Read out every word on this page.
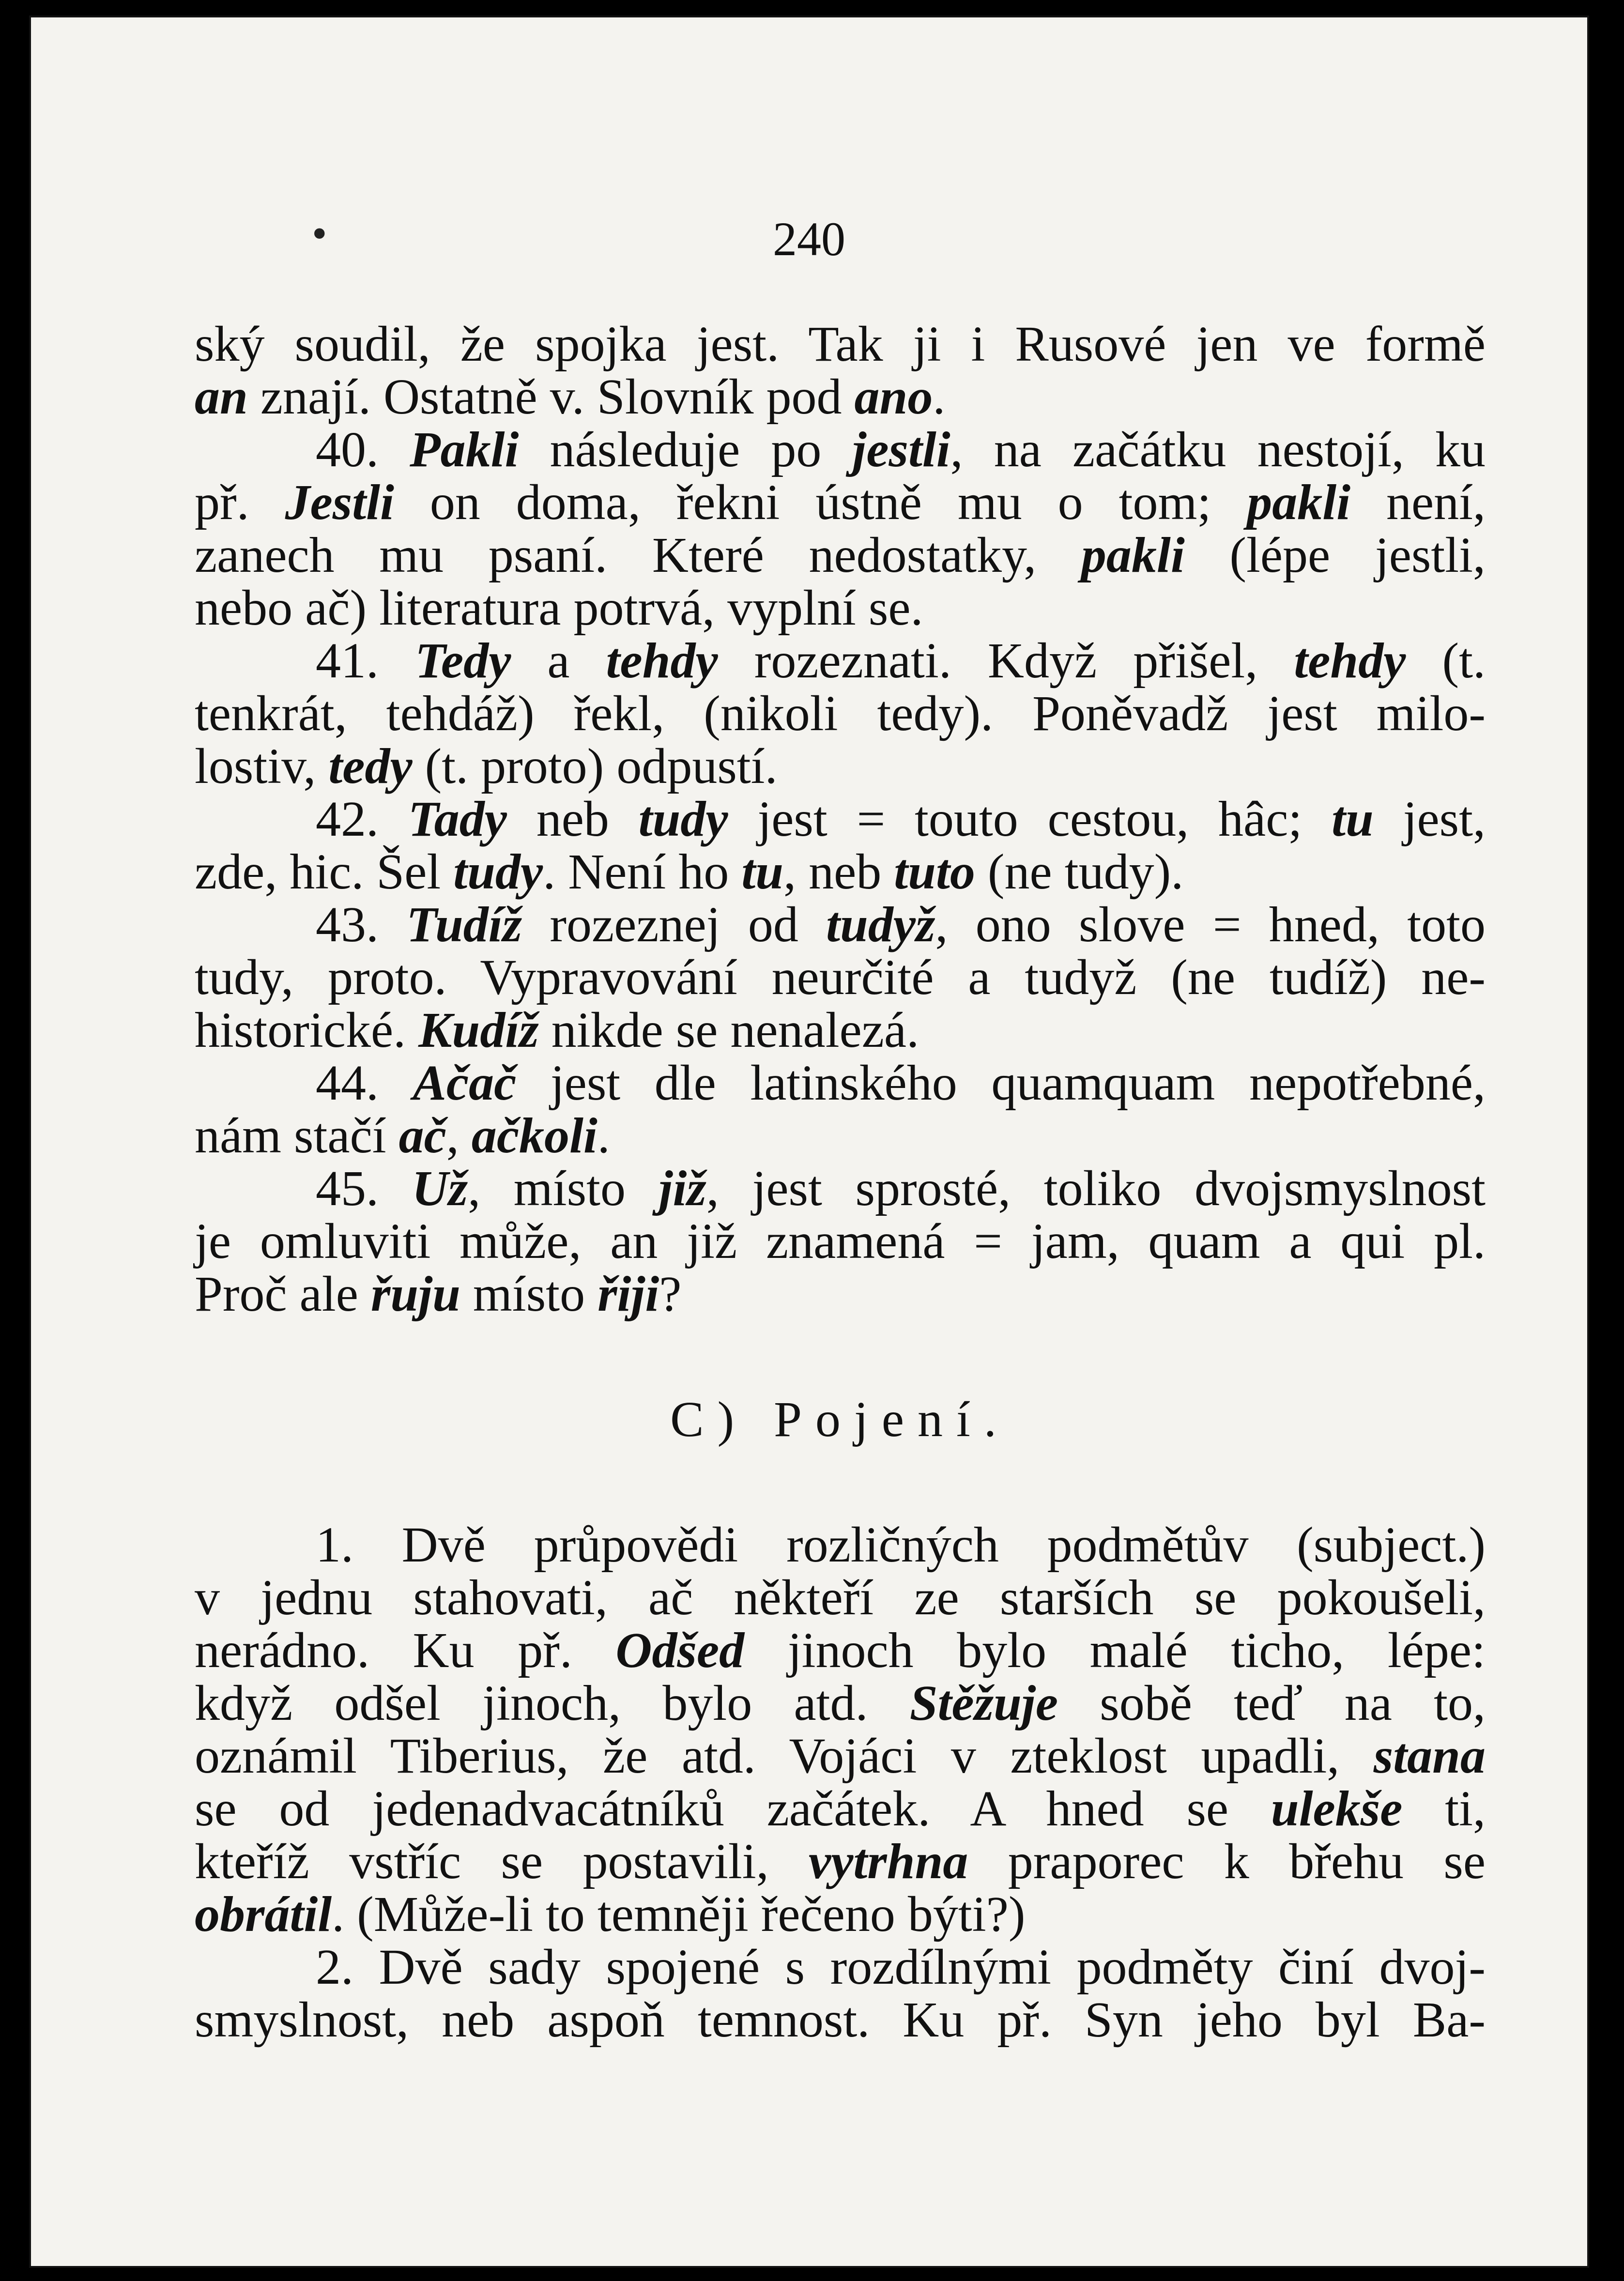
•	240
ský soudil, že spojka jest. Tak ji i Rusové jen ve formě
an znají. Ostatně v. Slovník pod ano.
40. Pakli následuje po jestli, na začátku nestojí, ku
př. Jestli on doma, řekni ústně mu o tom; pakli není,
zanech mu psaní. Které nedostatky, pakli (lépe jestli,
nebo ač) literatura potrvá, vyplní se.
41. Tedy a tehdy rozeznati. Když přišel, tehdy (t.
tenkrát, tehdáž) řekl, (nikoli tedy). Poněvadž jest milo-
lostiv, tedy (t. proto) odpustí.
42. Tady neb tudy jest = touto cestou, hâc; tu jest,
zde, hic. Šel tudy. Není ho tu, neb tuto (ne tudy).
43. Tudíž rozeznej od tudyž, ono slove = hned, toto
tudy, proto. Vypravování neurčité a tudyž (ne tudíž) ne-
historické. Kudíž nikde se nenalezá.
44. Ačač jest dle latinského quamquam nepotřebné,
nám stačí ač, ačkoli.
45. Už, místo již, jest sprosté, toliko dvojsmyslnost
je omluviti může, an již znamená = jam, quam a qui pl.
Proč ale řuju místo řiji?
C) Pojení.
1. Dvě průpovědi rozličných podmětův (subject.)
v jednu stahovati, ač někteří ze starších se pokoušeli,
nerádno. Ku př. Odšed jinoch bylo malé ticho, lépe:
když odšel jinoch, bylo atd. Stěžuje sobě teď na to,
oznámil Tiberius, že atd. Vojáci v zteklost upadli, stana
se od jedenadvacátníků začátek. A hned se ulekše ti,
kteříž vstříc se postavili, vytrhna praporec k břehu se
obrátil. (Může-li to temněji řečeno býti?)
2. Dvě sady spojené s rozdílnými podměty činí dvoj-
smyslnost, neb aspoň temnost. Ku př. Syn jeho byl Ba-
